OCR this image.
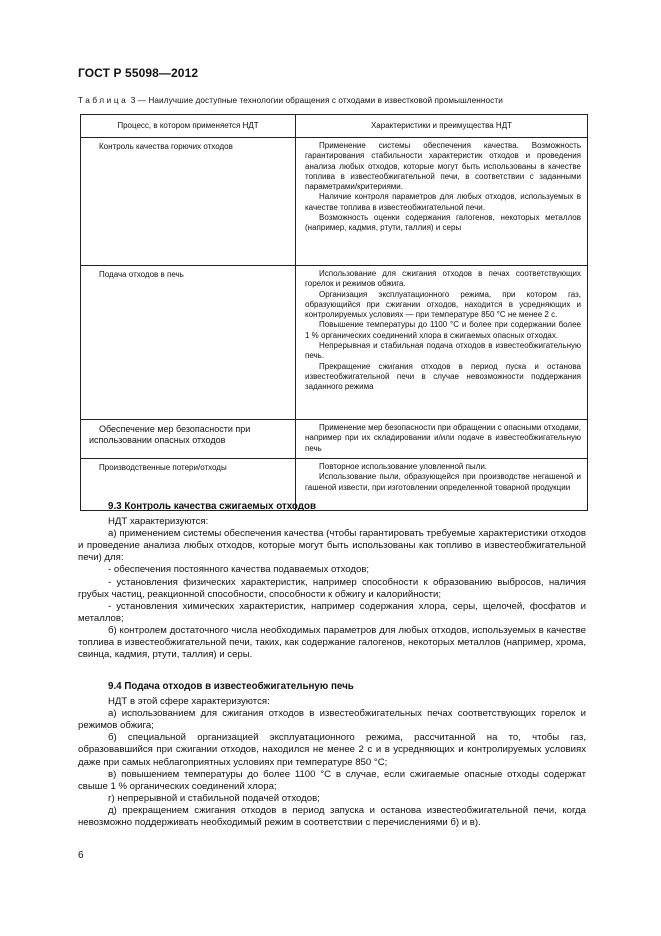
ГОСТ Р 55098—2012
Таблица 3 — Наилучшие доступные технологии обращения с отходами в известковой промышленности
Процесс, в котором применяется НДТ	Характеристики и преимущества НДТ

Контроль качества горючих отходов	Применение системы обеспечения качества. Возможность гарантирования стабильности характеристик отходов и проведения анализа любых отходов, которые могут быть использованы в качестве топлива в известеобжигательной печи, в соответствии с заданными параметрами/критериями.

Наличие контроля параметров для любых отходов, используемых в качестве топлива в известеобжигательной печи.

Возможность оценки содержания галогенов, некоторых металлов (например, кадмия, ртути, таллия) и серы

Подача отходов в печь	Использование для сжигания отходов в печах соответствующих горелок и режимов обжига.

Организация эксплуатационного режима, при котором газ, образующийся при сжигании отходов, находится в усредняющих и контролируемых условиях — при температуре 850 °С не менее 2 с.

Повышение температуры до 1100 °С и более при содержании более 1 % органических соединений хлора в сжигаемых опасных отходах.

Непрерывная и стабильная подача отходов в известеобжигательную печь.

Прекращение сжигания отходов в период пуска и останова известеобжигательной печи в случае невозможности поддержания заданного режима

Обеспечение мер безопасности при
использовании опасных отходов	Применение мер безопасности при обращении с опасными отходами, например при их складировании и/или подаче в известеобжигательную печь

Производственные потери/отходы	Повторное использование уловленной пыли.

Использование пыли, образующейся при производстве негашеной и гашеной извести, при изготовлении определенной товарной продукции

9.3 Контроль качества сжигаемых отходов

НДТ характеризуются:

а) применением системы обеспечения качества (чтобы гарантировать требуемые характеристики отходов и проведение анализа любых отходов, которые могут быть использованы как топливо в известеобжигательной печи) для:

- обеспечения постоянного качества подаваемых отходов;

- установления физических характеристик, например способности к образованию выбросов, наличия грубых частиц, реакционной способности, способности к обжигу и калорийности;

- установления химических характеристик, например содержания хлора, серы, щелочей, фосфатов и металлов;

б) контролем достаточного числа необходимых параметров для любых отходов, используемых в качестве топлива в известеобжигательной печи, таких, как содержание галогенов, некоторых металлов (например, хрома, свинца, кадмия, ртути, таллия) и серы.

9.4 Подача отходов в известеобжигательную печь

НДТ в этой сфере характеризуются:

а) использованием для сжигания отходов в известеобжигательных печах соответствующих горелок и режимов обжига;

б) специальной организацией эксплуатационного режима, рассчитанной на то, чтобы газ, образовавшийся при сжигании отходов, находился не менее 2 с и в усредняющих и контролируемых условиях даже при самых неблагоприятных условиях при температуре 850 °С;

в) повышением температуры до более 1100 °С в случае, если сжигаемые опасные отходы содержат свыше 1 % органических соединений хлора;

г) непрерывной и стабильной подачей отходов;

д) прекращением сжигания отходов в период запуска и останова известеобжигательной печи, когда невозможно поддерживать необходимый режим в соответствии с перечислениями б) и в).

6
